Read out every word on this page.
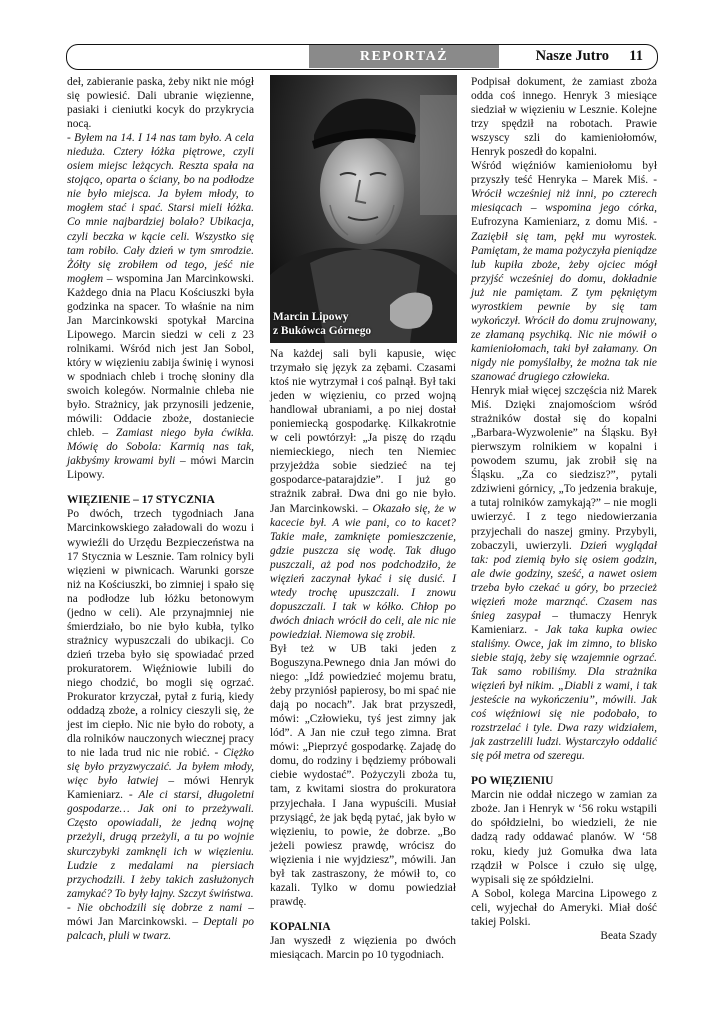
REPORTAŻ	Nasze Jutro 11

deł, zabieranie paska, żeby nikt nie mógł się powiesić. Dali ubranie więzienne, pasiaki i cieniutki kocyk do przykrycia nocą.

- Byłem na 14. I 14 nas tam było. A cela nieduża. Cztery łóżka piętrowe, czyli osiem miejsc leżących. Reszta spała na stojąco, oparta o ściany, bo na podłodze nie było miejsca. Ja byłem młody, to mogłem stać i spać. Starsi mieli łóżka. Co mnie najbardziej bolało? Ubikacja, czyli beczka w kącie celi. Wszystko się tam robiło. Cały dzień w tym smrodzie. Żółty się zrobiłem od tego, jeść nie mogłem – wspomina Jan Marcinkowski. Każdego dnia na Placu Kościuszki była godzinka na spacer. To właśnie na nim Jan Marcinkowski spotykał Marcina Lipowego. Marcin siedzi w celi z 23 rolnikami. Wśród nich jest Jan Sobol, który w więzieniu zabija świnię i wynosi w spodniach chleb i trochę słoniny dla swoich kolegów. Normalnie chleba nie było. Strażnicy, jak przynosili jedzenie, mówili: Oddacie zboże, dostaniecie chleb. – Zamiast niego była ćwikła. Mówię do Sobola: Karmią nas tak, jakbyśmy krowami byli – mówi Marcin Lipowy.

WIĘZIENIE – 17 STYCZNIA

Po dwóch, trzech tygodniach Jana Marcinkowskiego załadowali do wozu i wywieźli do Urzędu Bezpieczeństwa na 17 Stycznia w Lesznie. Tam rolnicy byli więzieni w piwnicach. Warunki gorsze niż na Kościuszki, bo zimniej i spało się na podłodze lub łóżku betonowym (jedno w celi). Ale przynajmniej nie śmierdziało, bo nie było kubła, tylko strażnicy wypuszczali do ubikacji. Co dzień trzeba było się spowiadać przed prokuratorem. Więźniowie lubili do niego chodzić, bo mogli się ogrzać. Prokurator krzyczał, pytał z furią, kiedy oddadzą zboże, a rolnicy cieszyli się, że jest im ciepło. Nic nie było do roboty, a dla rolników nauczonych wiecznej pracy to nie lada trud nic nie robić. - Ciężko się było przyzwyczaić. Ja byłem młody, więc było łatwiej – mówi Henryk Kamieniarz. - Ale ci starsi, długoletni gospodarze… Jak oni to przeżywali. Często opowiadali, że jedną wojnę przeżyli, drugą przeżyli, a tu po wojnie skurczybyki zamknęli ich w więzieniu. Ludzie z medalami na piersiach przychodzili. I żeby takich zasłużonych zamykać? To były łajny. Szczyt świństwa.

- Nie obchodzili się dobrze z nami – mówi Jan Marcinkowski. – Deptali po palcach, pluli w twarz.

Marcin Lipowy
z Bukówca Górnego

Na każdej sali byli kapusie, więc trzymało się język za zębami. Czasami ktoś nie wytrzymał i coś palnął. Był taki jeden w więzieniu, co przed wojną handlował ubraniami, a po niej dostał poniemiecką gospodarkę. Kilkakrotnie w celi powtórzył: „Ja piszę do rządu niemieckiego, niech ten Niemiec przyjeżdża sobie siedzieć na tej gospodarce-patarajdzie”. I już go strażnik zabrał. Dwa dni go nie było. Jan Marcinkowski. – Okazało się, że w kacecie był. A wie pani, co to kacet? Takie małe, zamknięte pomieszczenie, gdzie puszcza się wodę. Tak długo puszczali, aż pod nos podchodziło, że więzień zaczynał łykać i się dusić. I wtedy trochę upuszczali. I znowu dopuszczali. I tak w kółko. Chłop po dwóch dniach wrócił do celi, ale nic nie powiedział. Niemowa się zrobił.

Był też w UB taki jeden z Boguszyna.Pewnego dnia Jan mówi do niego: „Idź powiedzieć mojemu bratu, żeby przyniósł papierosy, bo mi spać nie dają po nocach”. Jak brat przyszedł, mówi: „Człowieku, tyś jest zimny jak lód”. A Jan nie czuł tego zimna. Brat mówi: „Pieprzyć gospodarkę. Zajadę do domu, do rodziny i będziemy próbowali ciebie wydostać”. Pożyczyli zboża tu, tam, z kwitami siostra do prokuratora przyjechała. I Jana wypuścili. Musiał przysiągć, że jak będą pytać, jak było w więzieniu, to powie, że dobrze. „Bo jeżeli powiesz prawdę, wrócisz do więzienia i nie wyjdziesz”, mówili. Jan był tak zastraszony, że mówił to, co kazali. Tylko w domu powiedział prawdę.

KOPALNIA

Jan wyszedł z więzienia po dwóch miesiącach. Marcin po 10 tygodniach.

Podpisał dokument, że zamiast zboża odda coś innego. Henryk 3 miesiące siedział w więzieniu w Lesznie. Kolejne trzy spędził na robotach. Prawie wszyscy szli do kamieniołomów, Henryk poszedł do kopalni.

Wśród więźniów kamieniołomu był przyszły teść Henryka – Marek Miś. - Wrócił wcześniej niż inni, po czterech miesiącach – wspomina jego córka, Eufrozyna Kamieniarz, z domu Miś. - Zaziębił się tam, pękł mu wyrostek. Pamiętam, że mama pożyczyła pieniądze lub kupiła zboże, żeby ojciec mógł przyjść wcześniej do domu, dokładnie już nie pamiętam. Z tym pękniętym wyrostkiem pewnie by się tam wykończył. Wrócił do domu zrujnowany, ze złamaną psychiką. Nic nie mówił o kamieniołomach, taki był załamany. On nigdy nie pomyślałby, że można tak nie szanować drugiego człowieka.

Henryk miał więcej szczęścia niż Marek Miś. Dzięki znajomościom wśród strażników dostał się do kopalni „Barbara-Wyzwolenie” na Śląsku. Był pierwszym rolnikiem w kopalni i powodem szumu, jak zrobił się na Śląsku. „Za co siedzisz?”, pytali zdziwieni górnicy, „To jedzenia brakuje, a tutaj rolników zamykają?” – nie mogli uwierzyć. I z tego niedowierzania przyjechali do naszej gminy. Przybyli, zobaczyli, uwierzyli. Dzień wyglądał tak: pod ziemią było się osiem godzin, ale dwie godziny, sześć, a nawet osiem trzeba było czekać u góry, bo przecież więzień może marznąć. Czasem nas śnieg zasypał – tłumaczy Henryk Kamieniarz. - Jak taka kupka owiec staliśmy. Owce, jak im zimno, to blisko siebie stają, żeby się wzajemnie ogrzać. Tak samo robiliśmy. Dla strażnika więzień był nikim. „Diabli z wami, i tak jesteście na wykończeniu”, mówili. Jak coś więźniowi się nie podobało, to rozstrzelać i tyle. Dwa razy widziałem, jak zastrzelili ludzi. Wystarczyło oddalić się pół metra od szeregu.

PO WIĘZIENIU

Marcin nie oddał niczego w zamian za zboże. Jan i Henryk w ‘56 roku wstąpili do spółdzielni, bo wiedzieli, że nie dadzą rady oddawać planów. W ‘58 roku, kiedy już Gomułka dwa lata rządził w Polsce i czuło się ulgę, wypisali się ze spółdzielni.

A Sobol, kolega Marcina Lipowego z celi, wyjechał do Ameryki. Miał dość takiej Polski.

Beata Szady
